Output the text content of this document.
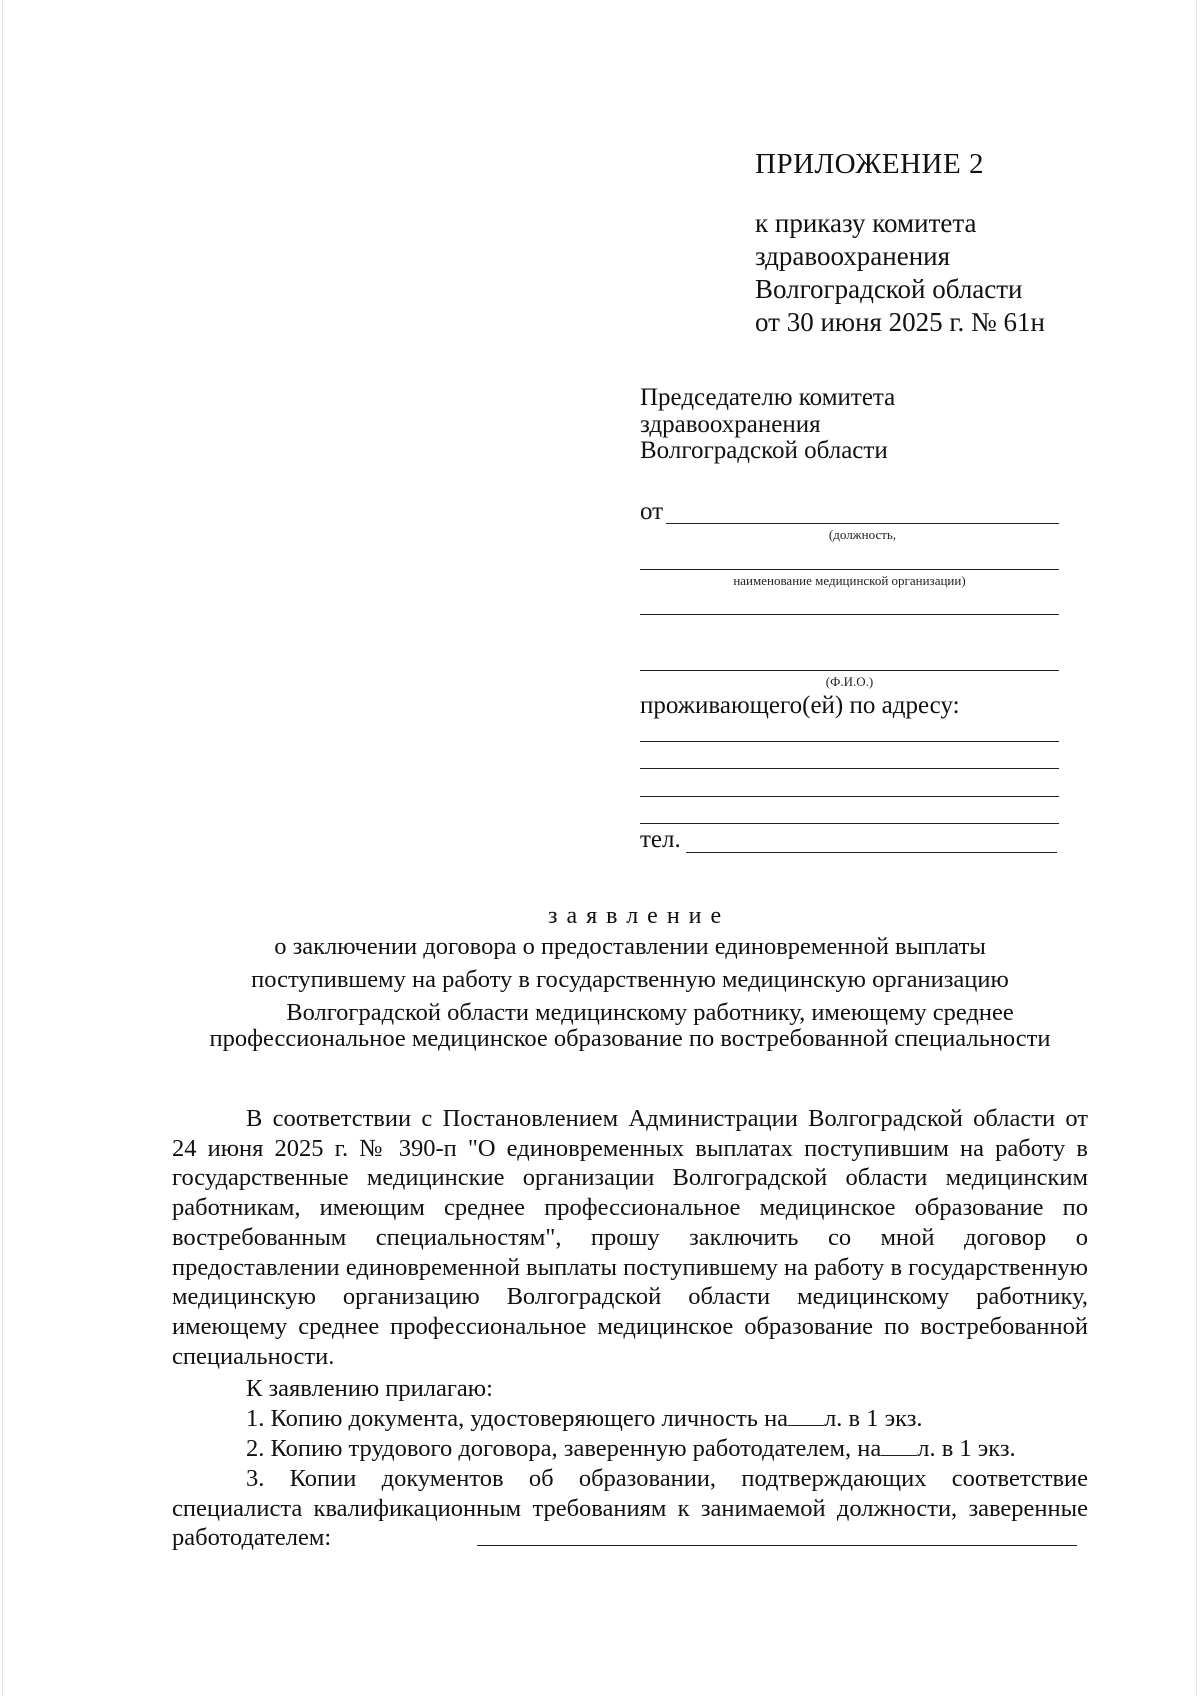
ПРИЛОЖЕНИЕ 2
к приказу комитета
здравоохранения
Волгоградской области
от 30 июня 2025 г. № 61н
Председателю комитета
здравоохранения
Волгоградской области
от
(должность,
наименование медицинской организации)
(Ф.И.О.)
проживающего(ей) по адресу:
тел.
заявление
о заключении договора о предоставлении единовременной выплаты
поступившему на работу в государственную медицинскую организацию
Волгоградской области медицинскому работнику, имеющему среднее
профессиональное медицинское образование по востребованной специальности
В соответствии с Постановлением Администрации Волгоградской области от 24 июня 2025 г. № 390-п "О единовременных выплатах поступившим на работу в государственные медицинские организации Волгоградской области медицинским работникам, имеющим среднее профессиональное медицинское образование по востребованным специальностям", прошу заключить со мной договор о предоставлении единовременной выплаты поступившему на работу в государственную медицинскую организацию Волгоградской области медицинскому работнику, имеющему среднее профессиональное медицинское образование по востребованной специальности.
К заявлению прилагаю:
1. Копию документа, удостоверяющего личность на л. в 1 экз.
2. Копию трудового договора, заверенную работодателем, на л. в 1 экз.
3. Копии документов об образовании, подтверждающих соответствие специалиста квалификационным требованиям к занимаемой должности, заверенные работодателем:
